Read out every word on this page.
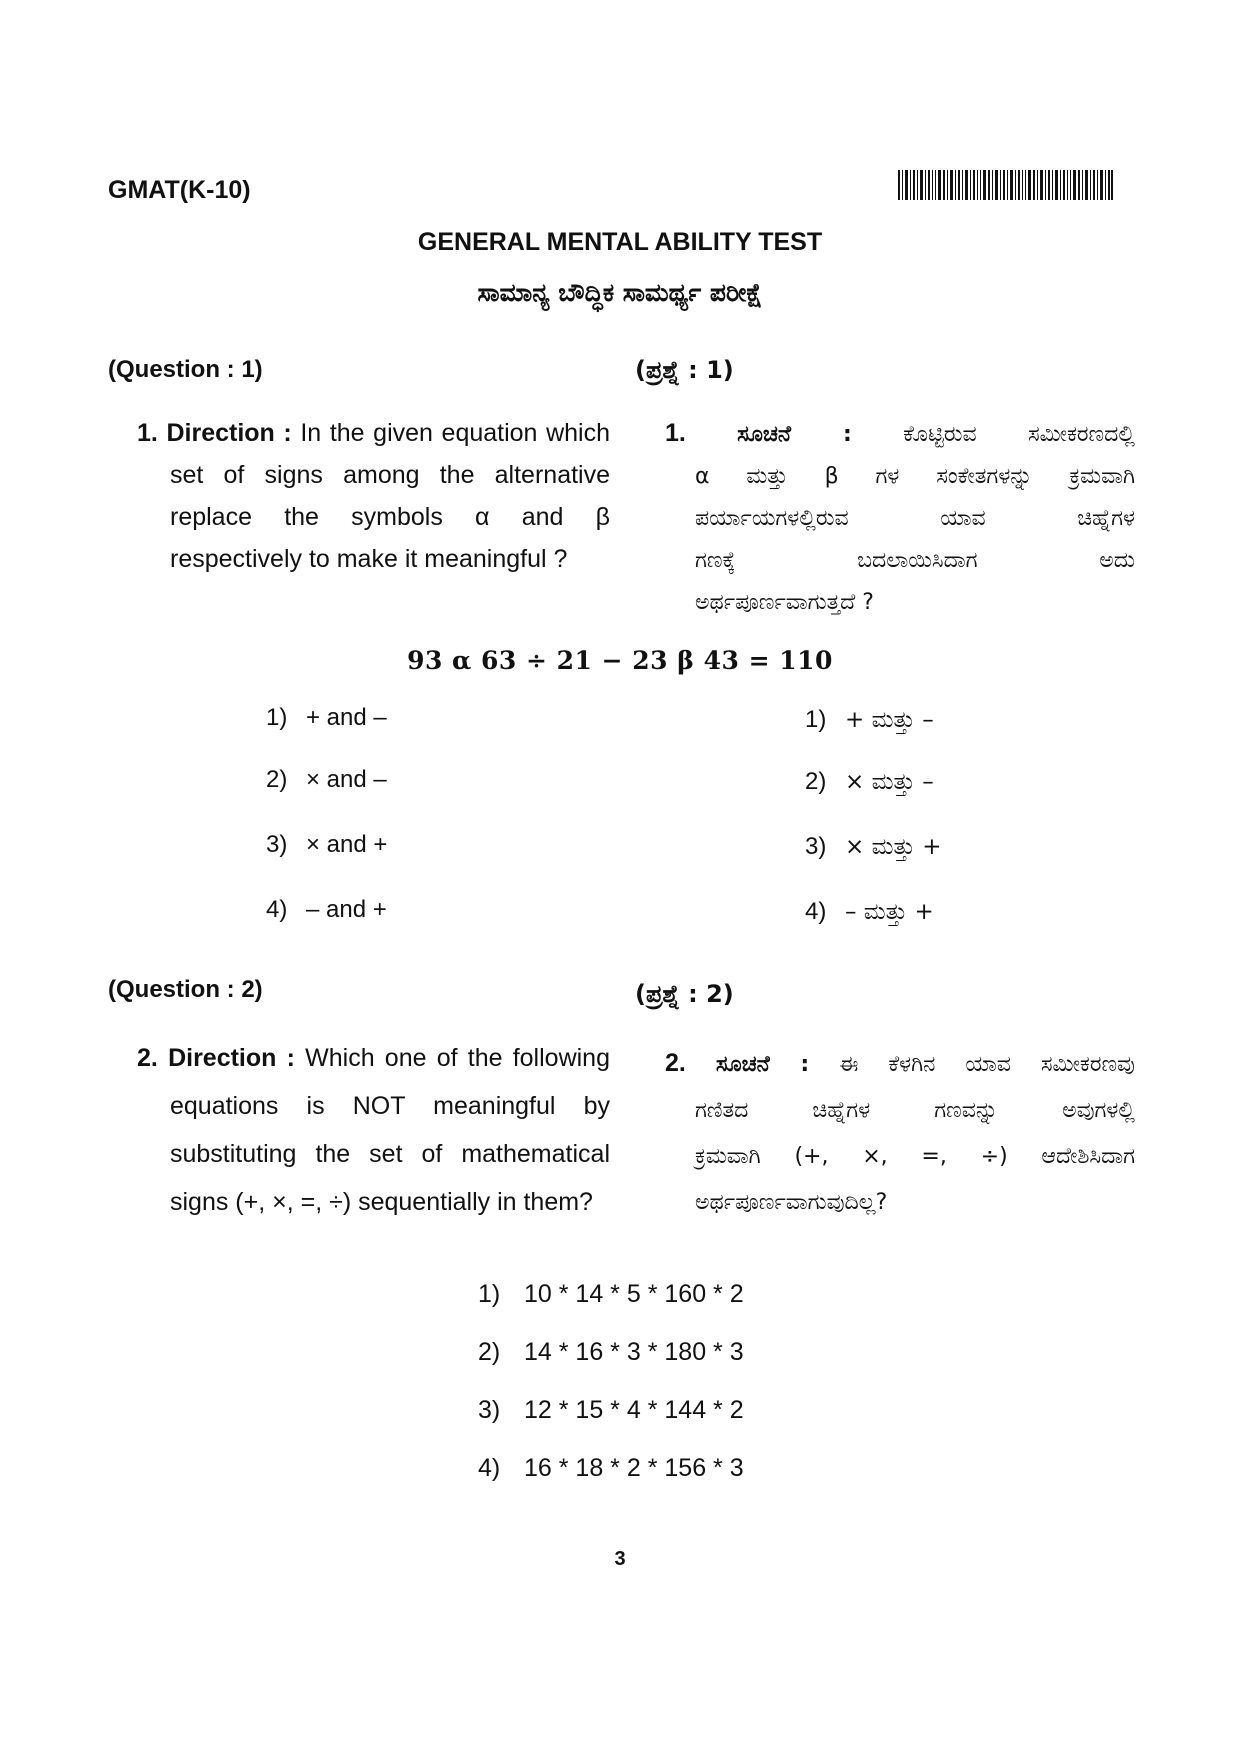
GMAT(K-10)
GENERAL MENTAL ABILITY TEST
ಸಾಮಾನ್ಯ ಬೌದ್ಧಿಕ ಸಾಮರ್ಥ್ಯ ಪರೀಕ್ಷೆ
(Question : 1)	(ಪ್ರಶ್ನೆ : 1)
1. Direction : In the given equation which
set of signs among the alternative
replace the symbols α and β
respectively to make it meaningful ?
1. ಸೂಚನೆ : ಕೊಟ್ಟಿರುವ ಸಮೀಕರಣದಲ್ಲಿ
α ಮತ್ತು β ಗಳ ಸಂಕೇತಗಳನ್ನು ಕ್ರಮವಾಗಿ
ಪರ್ಯಾಯಗಳಲ್ಲಿರುವ ಯಾವ ಚಿಹ್ನೆಗಳ
ಗಣಕ್ಕೆ ಬದಲಾಯಿಸಿದಾಗ ಅದು
ಅರ್ಥಪೂರ್ಣವಾಗುತ್ತದೆ ?
93 α 63 ÷ 21 − 23 β 43 = 110
1) + and –
2) × and –
3) × and +
4) – and +
1) + ಮತ್ತು –
2) × ಮತ್ತು –
3) × ಮತ್ತು +
4) – ಮತ್ತು +
(Question : 2)	(ಪ್ರಶ್ನೆ : 2)
2. Direction : Which one of the following
equations is NOT meaningful by
substituting the set of mathematical
signs (+, ×, =, ÷) sequentially in them?
2. ಸೂಚನೆ : ಈ ಕೆಳಗಿನ ಯಾವ ಸಮೀಕರಣವು
ಗಣಿತದ ಚಿಹ್ನೆಗಳ ಗಣವನ್ನು ಅವುಗಳಲ್ಲಿ
ಕ್ರಮವಾಗಿ (+, ×, =, ÷) ಆದೇಶಿಸಿದಾಗ
ಅರ್ಥಪೂರ್ಣವಾಗುವುದಿಲ್ಲ?
1) 10 * 14 * 5 * 160 * 2
2) 14 * 16 * 3 * 180 * 3
3) 12 * 15 * 4 * 144 * 2
4) 16 * 18 * 2 * 156 * 3
3
